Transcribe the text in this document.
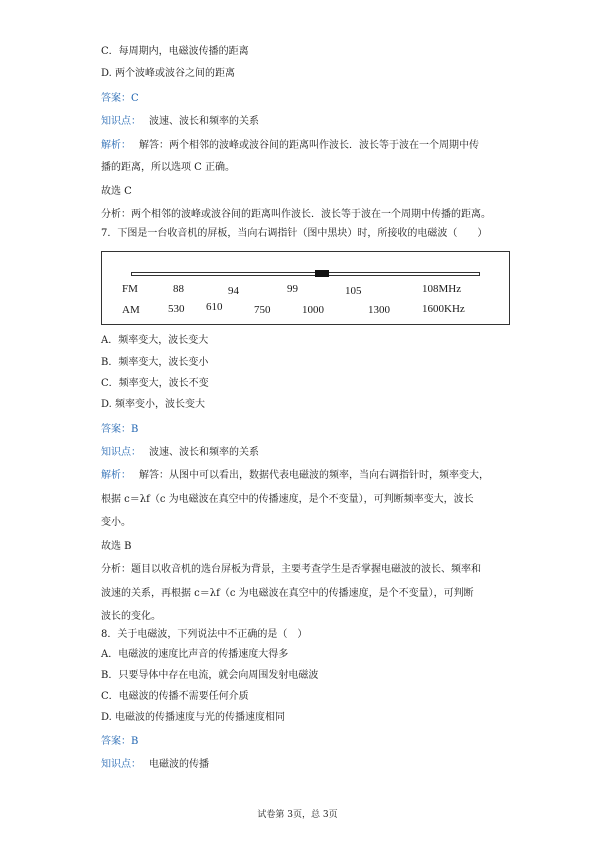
C．每周期内，电磁波传播的距离
D. 两个波峰或波谷之间的距离
答案：C
知识点： 波速、波长和频率的关系
解析： 解答：两个相邻的波峰或波谷间的距离叫作波长．波长等于波在一个周期中传
播的距离，所以选项 C 正确。
故选 C
分析：两个相邻的波峰或波谷间的距离叫作波长．波长等于波在一个周期中传播的距离。
7．下图是一台收音机的屏板，当向右调指针（图中黑块）时，所接收的电磁波（　　）
FM	88	94	99	105	108MHz
AM	530 610	750	1000	1300	1600KHz
A．频率变大，波长变大
B．频率变大，波长变小
C．频率变大，波长不变
D. 频率变小，波长变大
答案：B
知识点： 波速、波长和频率的关系
解析： 解答：从图中可以看出，数据代表电磁波的频率，当向右调指针时，频率变大，
根据 c＝λf（c 为电磁波在真空中的传播速度，是个不变量），可判断频率变大，波长
变小。
故选 B
分析：题目以收音机的选台屏板为背景，主要考查学生是否掌握电磁波的波长、频率和
波速的关系，再根据 c＝λf（c 为电磁波在真空中的传播速度，是个不变量），可判断
波长的变化。
8．关于电磁波，下列说法中不正确的是（　）
A．电磁波的速度比声音的传播速度大得多
B．只要导体中存在电流，就会向周围发射电磁波
C．电磁波的传播不需要任何介质
D. 电磁波的传播速度与光的传播速度相同
答案：B
知识点： 电磁波的传播
试卷第 3页，总 3页
